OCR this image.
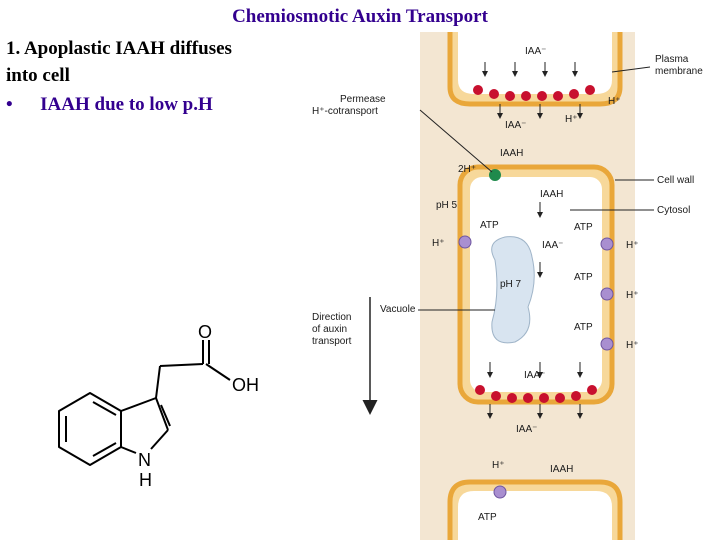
Chemiosmotic Auxin Transport
1. Apoplastic IAAH diffuses
into cell
• IAAH due to low p.H
O
OH
N
H
Plasma
membrane
Permease
H⁺-cotransport
Cell wall
Cytosol
Vacuole
Direction
of auxin
transport
pH 5
pH 7
2H⁺
IAA⁻
IAA⁻
IAAH
IAAH
IAA⁻
IAA⁻
IAA⁻
IAAH
ATP	ATP
ATP
ATP
ATP
H⁺
H⁺
H⁺	H⁺
H⁺
H⁺
H⁺
